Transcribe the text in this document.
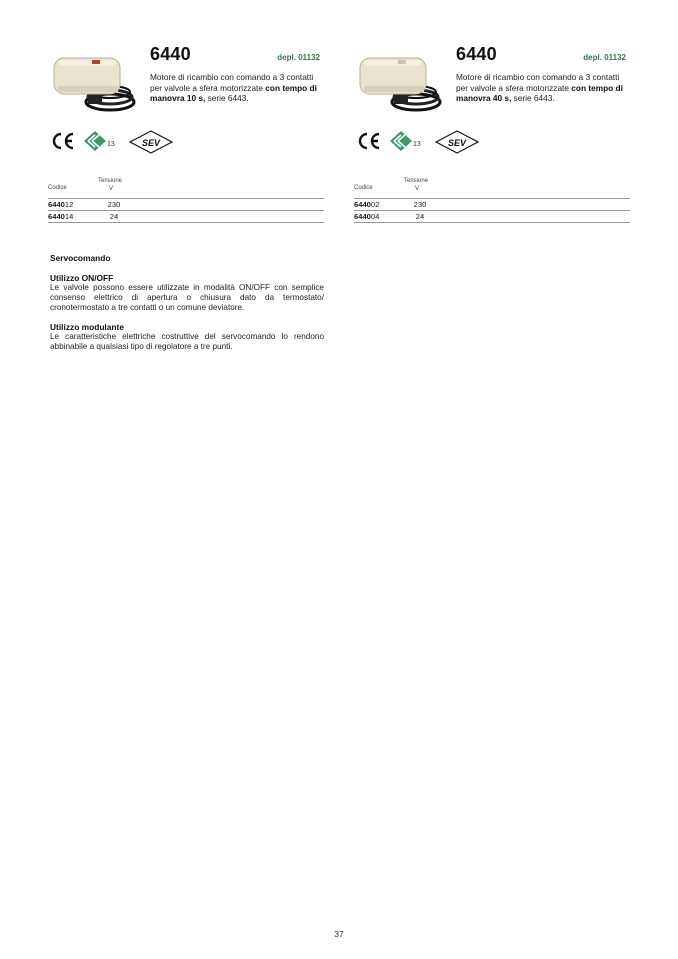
6440	depl. 01132
Motore di ricambio con comando a 3 contatti per valvole a sfera motorizzate con tempo di manovra 10 s, serie 6443.
13	SEV
Codice
Tensione
V
644012	230
644014	24
6440	depl. 01132
Motore di ricambio con comando a 3 contatti per valvole a sfera motorizzate con tempo di manovra 40 s, serie 6443.
13	SEV
Codice
Tensione
V
644002	230
644004	24
Servocomando
Utilizzo ON/OFF

Le valvole possono essere utilizzate in modalità ON/OFF con semplice consenso elettrico di apertura o chiusura dato da termostato/ cronotermostato a tre contatti o un comune deviatore.

Utilizzo modulante

Le caratteristiche elettriche costruttive del servocomando lo rendono abbinabile a qualsiasi tipo di regolatore a tre punti.

37
